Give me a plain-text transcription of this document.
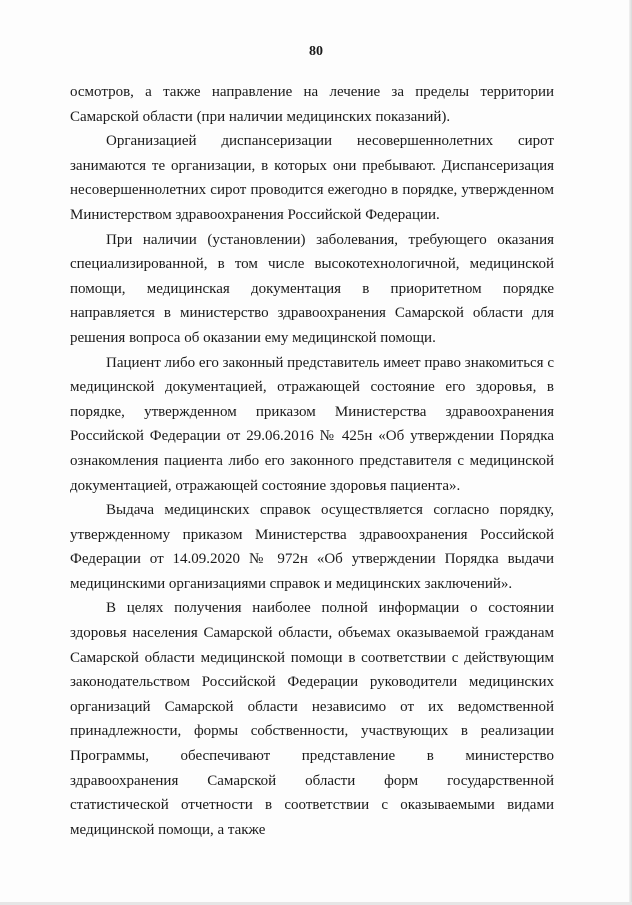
80

осмотров, а также направление на лечение за пределы территории Самарской области (при наличии медицинских показаний).

Организацией диспансеризации несовершеннолетних сирот занимаются те организации, в которых они пребывают. Диспансеризация несовершеннолетних сирот проводится ежегодно в порядке, утвержденном Министерством здравоохранения Российской Федерации.

При наличии (установлении) заболевания, требующего оказания специализированной, в том числе высокотехнологичной, медицинской помощи, медицинская документация в приоритетном порядке направляется в министерство здравоохранения Самарской области для решения вопроса об оказании ему медицинской помощи.

Пациент либо его законный представитель имеет право знакомиться с медицинской документацией, отражающей состояние его здоровья, в порядке, утвержденном приказом Министерства здравоохранения Российской Федерации от 29.06.2016 № 425н «Об утверждении Порядка ознакомления пациента либо его законного представителя с медицинской документацией, отражающей состояние здоровья пациента».

Выдача медицинских справок осуществляется согласно порядку, утвержденному приказом Министерства здравоохранения Российской Федерации от 14.09.2020 № 972н «Об утверждении Порядка выдачи медицинскими организациями справок и медицинских заключений».

В целях получения наиболее полной информации о состоянии здоровья населения Самарской области, объемах оказываемой гражданам Самарской области медицинской помощи в соответствии с действующим законодательством Российской Федерации руководители медицинских организаций Самарской области независимо от их ведомственной принадлежности, формы собственности, участвующих в реализации Программы, обеспечивают представление в министерство здравоохранения Самарской области форм государственной статистической отчетности в соответствии с оказываемыми видами медицинской помощи, а также
